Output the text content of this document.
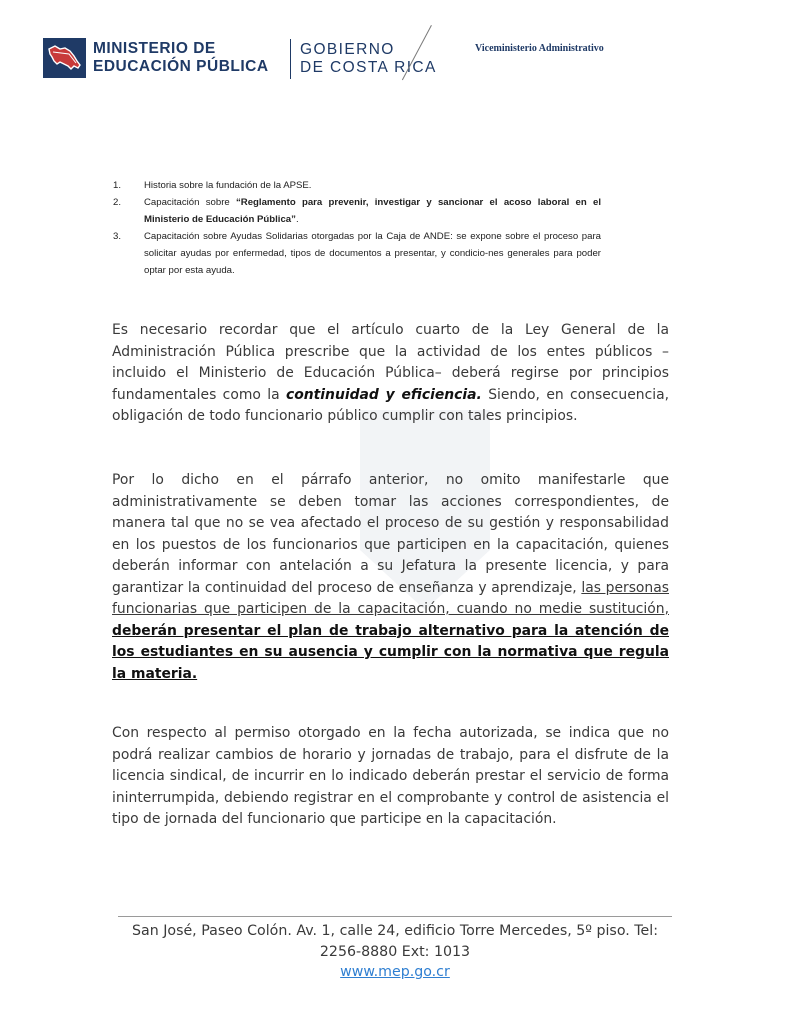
MINISTERIO DE
EDUCACIÓN PÚBLICA
GOBIERNO
DE COSTA RICA
Viceministerio Administrativo
1. Historia sobre la fundación de la APSE.
2. Capacitación sobre “Reglamento para prevenir, investigar y sancionar el acoso laboral en el Ministerio de Educación Pública”.
3. Capacitación sobre Ayudas Solidarias otorgadas por la Caja de ANDE: se expone sobre el proceso para solicitar ayudas por enfermedad, tipos de documentos a presentar, y condicio-nes generales para poder optar por esta ayuda.
Es necesario recordar que el artículo cuarto de la Ley General de la Administración Pública prescribe que la actividad de los entes públicos –incluido el Ministerio de Educación Pública– deberá regirse por principios fundamentales como la continuidad y eficiencia. Siendo, en consecuencia, obligación de todo funcionario público cumplir con tales principios.
Por lo dicho en el párrafo anterior, no omito manifestarle que administrativamente se deben tomar las acciones correspondientes, de manera tal que no se vea afectado el proceso de su gestión y responsabilidad en los puestos de los funcionarios que participen en la capacitación, quienes deberán informar con antelación a su Jefatura la presente licencia, y para garantizar la continuidad del proceso de enseñanza y aprendizaje, las personas funcionarias que participen de la capacitación, cuando no medie sustitución, deberán presentar el plan de trabajo alternativo para la atención de los estudiantes en su ausencia y cumplir con la normativa que regula la materia.
Con respecto al permiso otorgado en la fecha autorizada, se indica que no podrá realizar cambios de horario y jornadas de trabajo, para el disfrute de la licencia sindical, de incurrir en lo indicado deberán prestar el servicio de forma ininterrumpida, debiendo registrar en el comprobante y control de asistencia el tipo de jornada del funcionario que participe en la capacitación.
San José, Paseo Colón. Av. 1, calle 24, edificio Torre Mercedes, 5º piso. Tel: 2256-8880 Ext: 1013
www.mep.go.cr
